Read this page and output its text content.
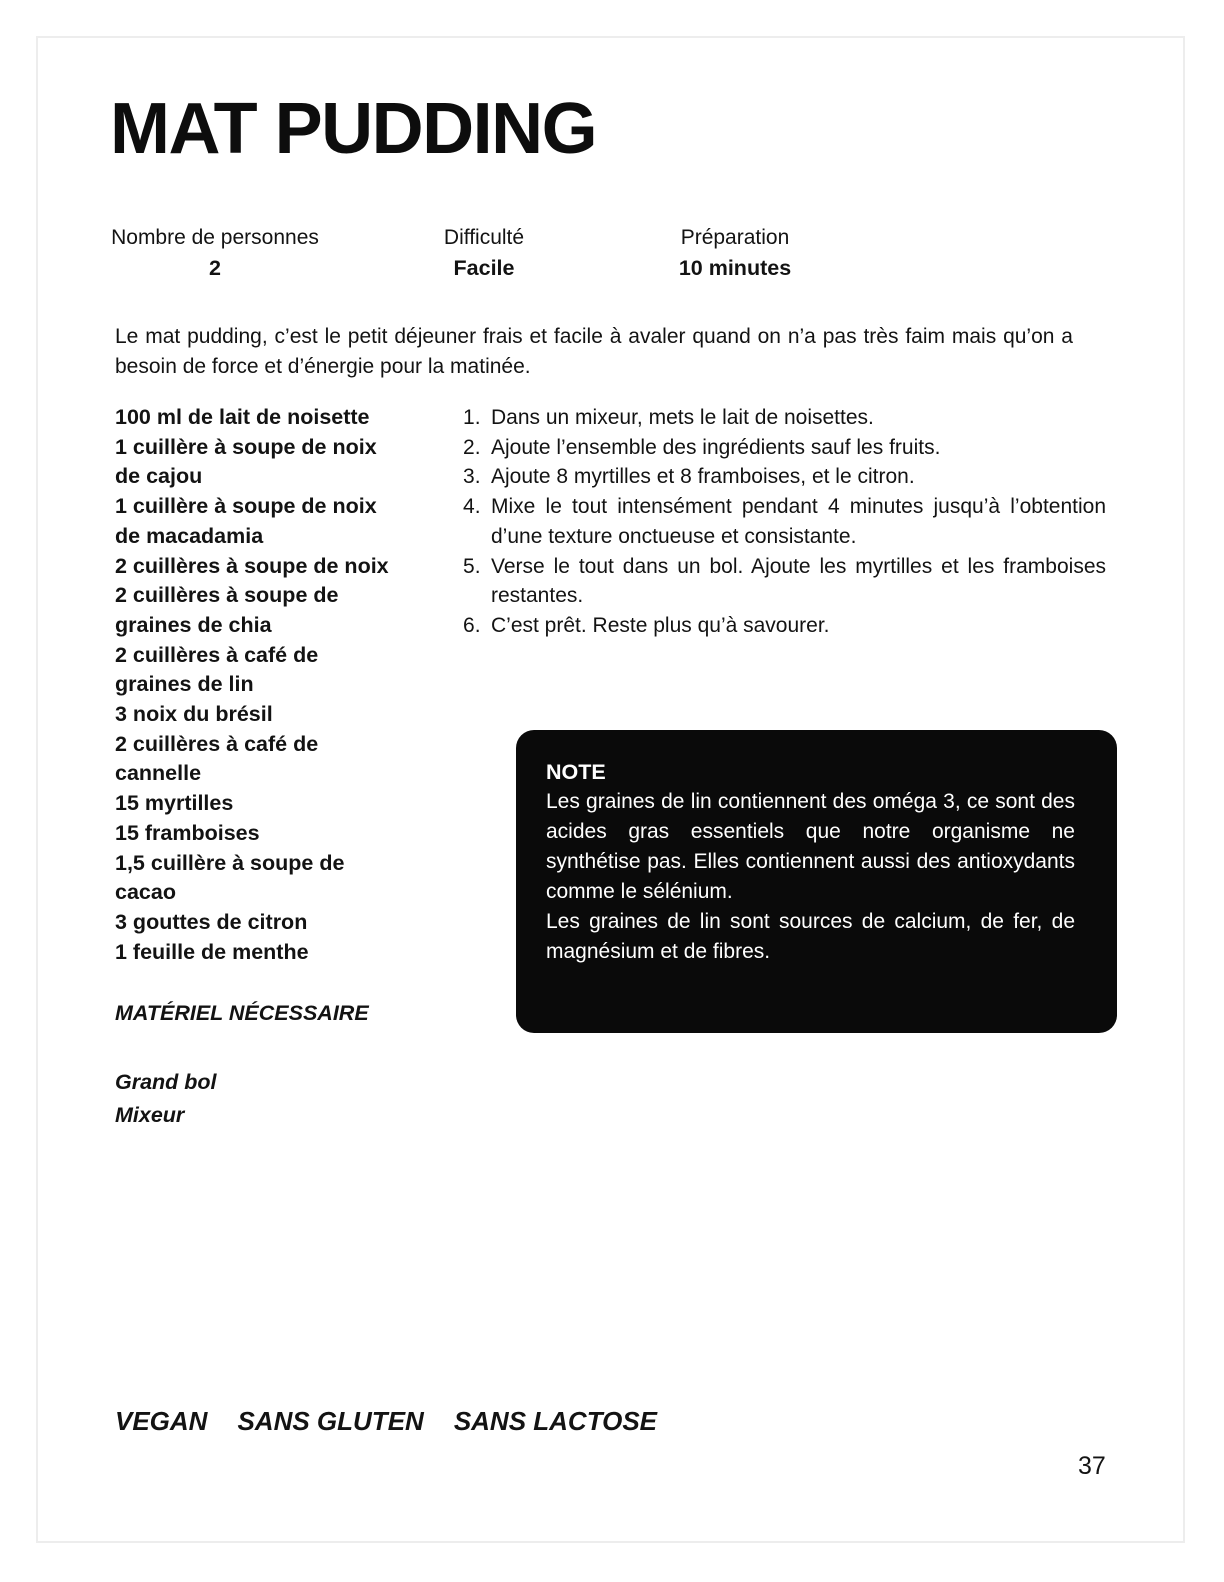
MAT PUDDING
Nombre de personnes
2
Difficulté
Facile
Préparation
10 minutes

Le mat pudding, c’est le petit déjeuner frais et facile à avaler quand on n’a pas très faim mais qu’on a besoin de force et d’énergie pour la matinée.

100 ml de lait de noisette
1 cuillère à soupe de noix de cajou
1 cuillère à soupe de noix de macadamia
2 cuillères à soupe de noix
2 cuillères à soupe de graines de chia
2 cuillères à café de graines de lin
3 noix du brésil
2 cuillères à café de cannelle
15 myrtilles
15 framboises
1,5 cuillère à soupe de cacao
3 gouttes de citron
1 feuille de menthe
Dans un mixeur, mets le lait de noisettes.
Ajoute l’ensemble des ingrédients sauf les fruits.
Ajoute 8 myrtilles et 8 framboises, et le citron.
Mixe le tout intensément pendant 4 minutes jusqu’à l’obtention d’une texture onctueuse et consistante.
Verse le tout dans un bol. Ajoute les myrtilles et les framboises restantes.
C’est prêt. Reste plus qu’à savourer.
NOTE

Les graines de lin contiennent des oméga 3, ce sont des acides gras essentiels que notre organisme ne synthétise pas. Elles contiennent aussi des antioxydants comme le sélénium.

Les graines de lin sont sources de calcium, de fer, de magnésium et de fibres.

MATÉRIEL NÉCESSAIRE
Grand bol
Mixeur
VEGAN SANS GLUTEN SANS LACTOSE
37
